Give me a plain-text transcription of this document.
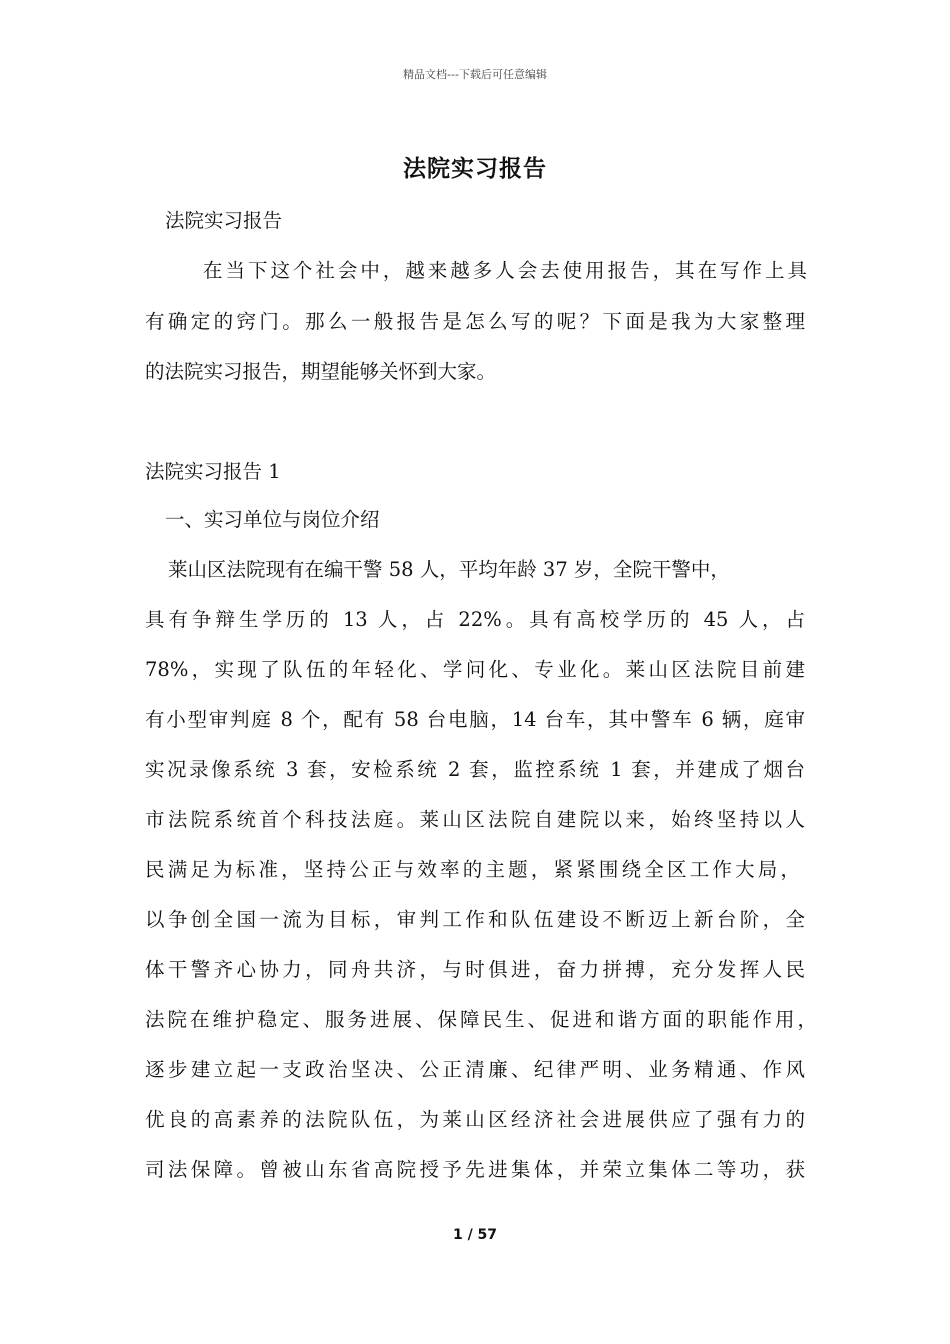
精品文档---下载后可任意编辑
法院实习报告
法院实习报告
在当下这个社会中，越来越多人会去使用报告，其在写作上具
有确定的窍门。那么一般报告是怎么写的呢？下面是我为大家整理
的法院实习报告，期望能够关怀到大家。
法院实习报告 1
一、实习单位与岗位介绍
莱山区法院现有在编干警 58 人，平均年龄 37 岁，全院干警中，
具有争辩生学历的 13 人，占 22%。具有高校学历的 45 人，占
78%，实现了队伍的年轻化、学问化、专业化。莱山区法院目前建
有小型审判庭 8 个，配有 58 台电脑，14 台车，其中警车 6 辆，庭审
实况录像系统 3 套，安检系统 2 套，监控系统 1 套，并建成了烟台
市法院系统首个科技法庭。莱山区法院自建院以来，始终坚持以人
民满足为标准，坚持公正与效率的主题，紧紧围绕全区工作大局，
以争创全国一流为目标，审判工作和队伍建设不断迈上新台阶，全
体干警齐心协力，同舟共济，与时俱进，奋力拼搏，充分发挥人民
法院在维护稳定、服务进展、保障民生、促进和谐方面的职能作用，
逐步建立起一支政治坚决、公正清廉、纪律严明、业务精通、作风
优良的高素养的法院队伍，为莱山区经济社会进展供应了强有力的
司法保障。曾被山东省高院授予先进集体，并荣立集体二等功，获
1 / 57
